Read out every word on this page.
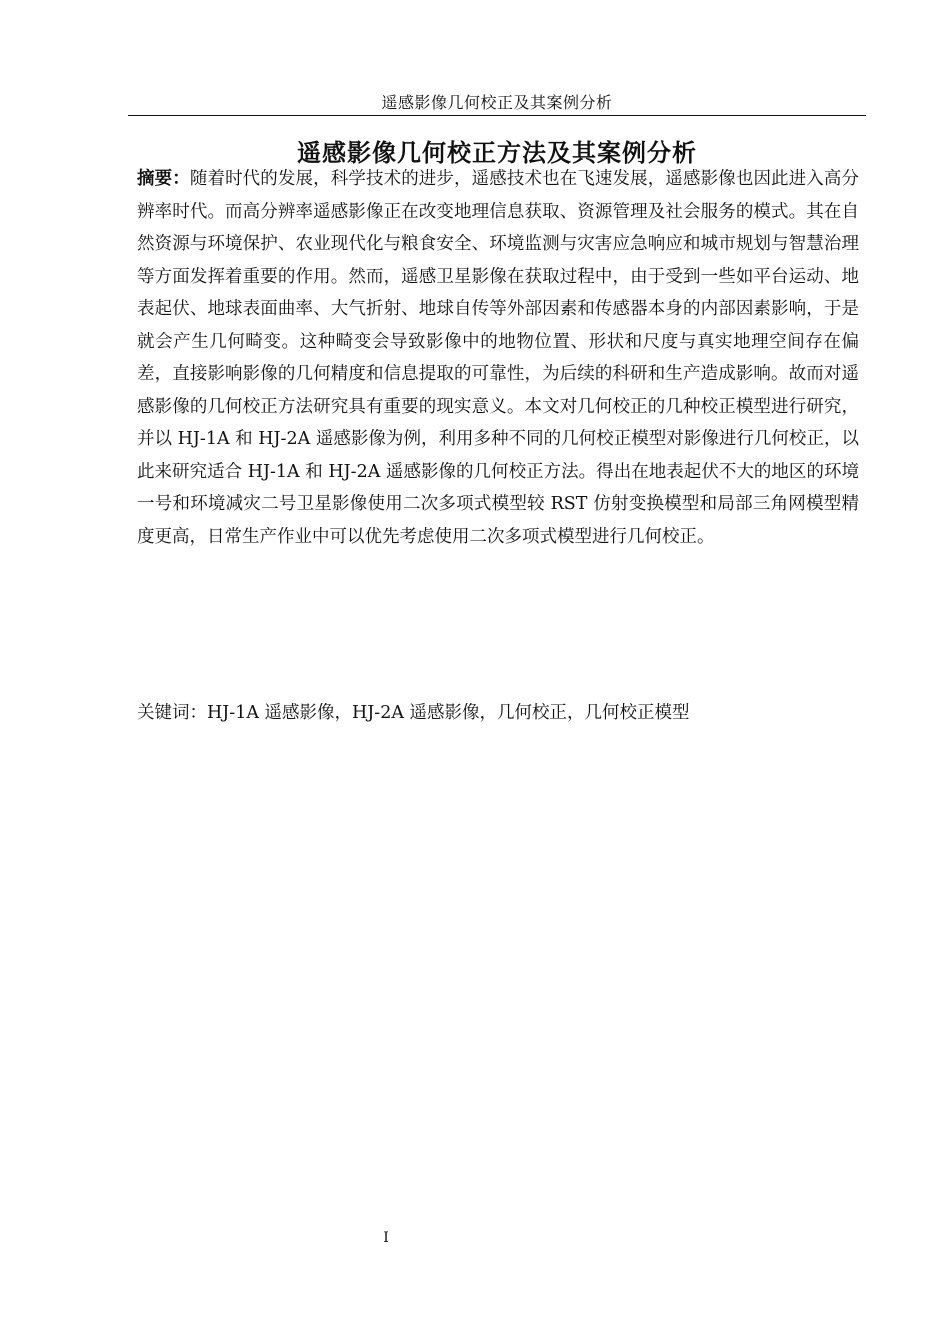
遥感影像几何校正及其案例分析
遥感影像几何校正方法及其案例分析

摘要：随着时代的发展，科学技术的进步，遥感技术也在飞速发展，遥感影像也因此进入高分辨率时代。而高分辨率遥感影像正在改变地理信息获取、资源管理及社会服务的模式。其在自然资源与环境保护、农业现代化与粮食安全、环境监测与灾害应急响应和城市规划与智慧治理等方面发挥着重要的作用。然而，遥感卫星影像在获取过程中，由于受到一些如平台运动、地表起伏、地球表面曲率、大气折射、地球自传等外部因素和传感器本身的内部因素影响，于是就会产生几何畸变。这种畸变会导致影像中的地物位置、形状和尺度与真实地理空间存在偏差，直接影响影像的几何精度和信息提取的可靠性，为后续的科研和生产造成影响。故而对遥感影像的几何校正方法研究具有重要的现实意义。本文对几何校正的几种校正模型进行研究，并以 HJ-1A 和 HJ-2A 遥感影像为例，利用多种不同的几何校正模型对影像进行几何校正，以此来研究适合 HJ-1A 和 HJ-2A 遥感影像的几何校正方法。得出在地表起伏不大的地区的环境一号和环境减灾二号卫星影像使用二次多项式模型较 RST 仿射变换模型和局部三角网模型精度更高，日常生产作业中可以优先考虑使用二次多项式模型进行几何校正。

关键词：HJ-1A 遥感影像，HJ-2A 遥感影像，几何校正，几何校正模型

I
